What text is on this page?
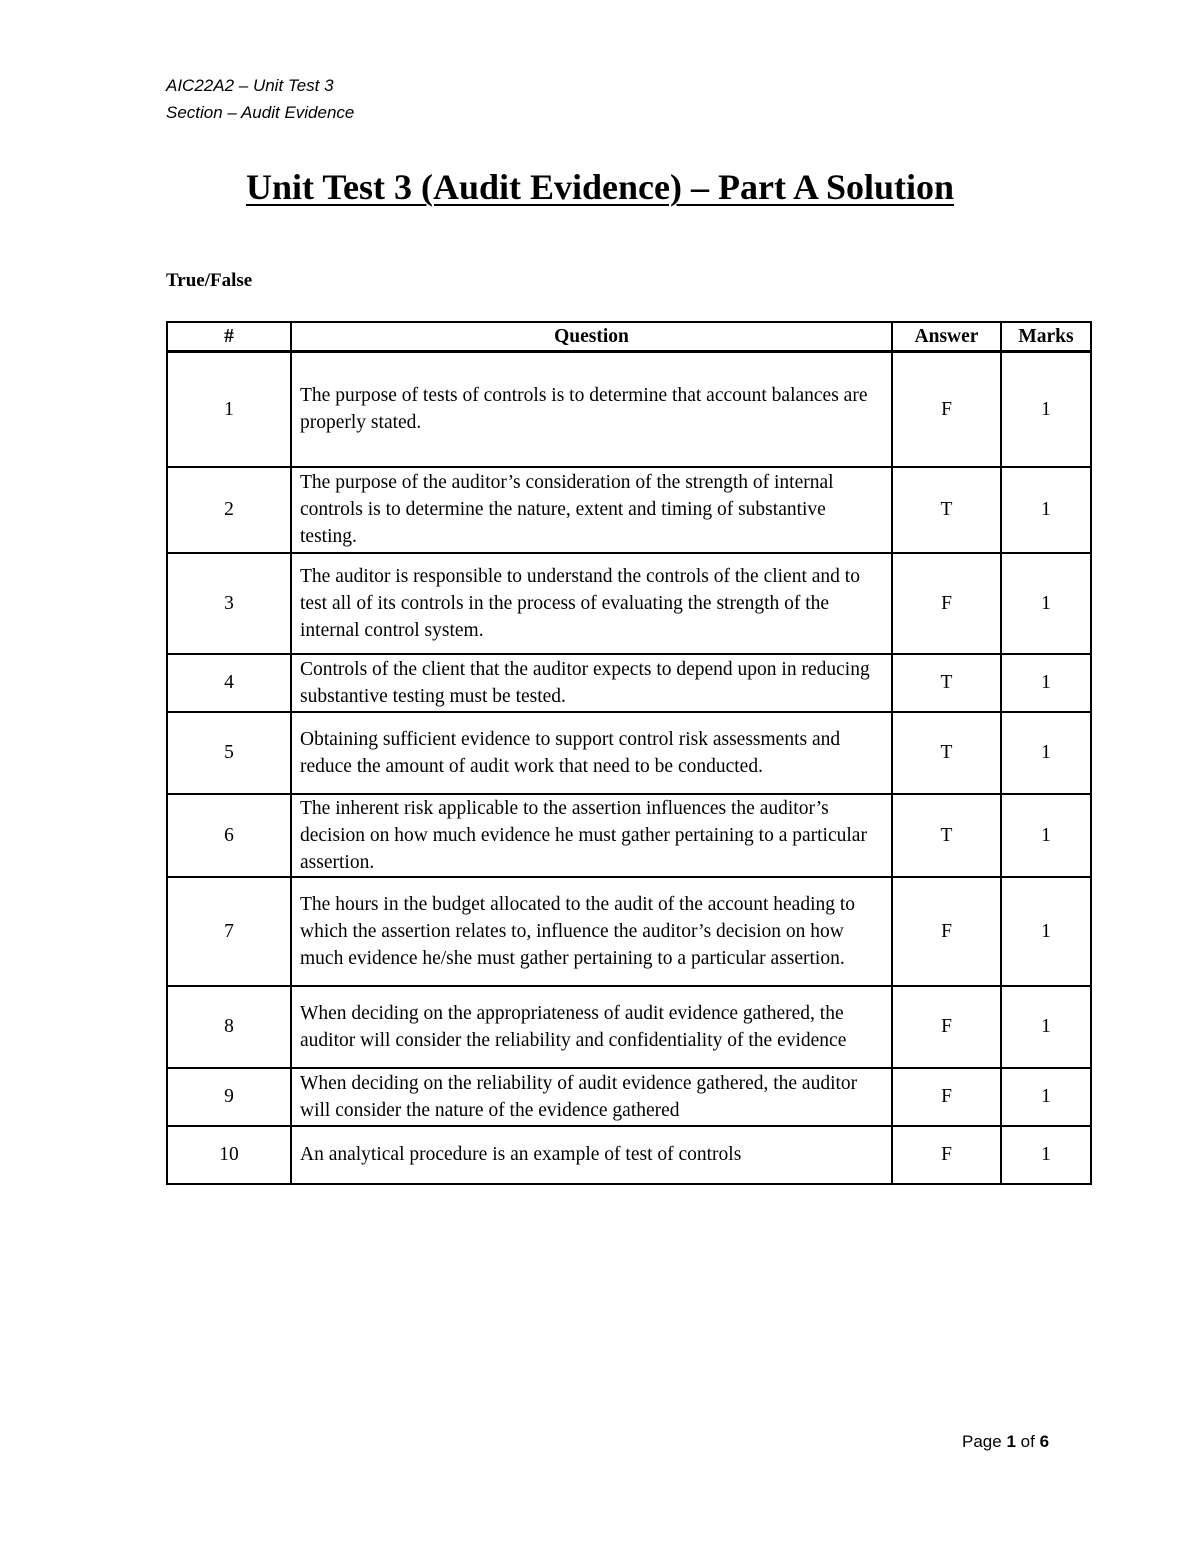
AIC22A2 – Unit Test 3
Section – Audit Evidence
Unit Test 3 (Audit Evidence) – Part A Solution
True/False
#	Question	Answer	Marks
1	The purpose of tests of controls is to determine that account balances are properly stated.	F	1
2	The purpose of the auditor’s consideration of the strength of internal controls is to determine the nature, extent and timing of substantive testing.	T	1
3	The auditor is responsible to understand the controls of the client and to test all of its controls in the process of evaluating the strength of the internal control system.	F	1
4	Controls of the client that the auditor expects to depend upon in reducing substantive testing must be tested.	T	1
5	Obtaining sufficient evidence to support control risk assessments and reduce the amount of audit work that need to be conducted.	T	1
6	The inherent risk applicable to the assertion influences the auditor’s decision on how much evidence he must gather pertaining to a particular assertion.	T	1
7	The hours in the budget allocated to the audit of the account heading to which the assertion relates to, influence the auditor’s decision on how much evidence he/she must gather pertaining to a particular assertion.	F	1
8	When deciding on the appropriateness of audit evidence gathered, the auditor will consider the reliability and confidentiality of the evidence	F	1
9	When deciding on the reliability of audit evidence gathered, the auditor will consider the nature of the evidence gathered	F	1
10	An analytical procedure is an example of test of controls	F	1
Page 1 of 6
